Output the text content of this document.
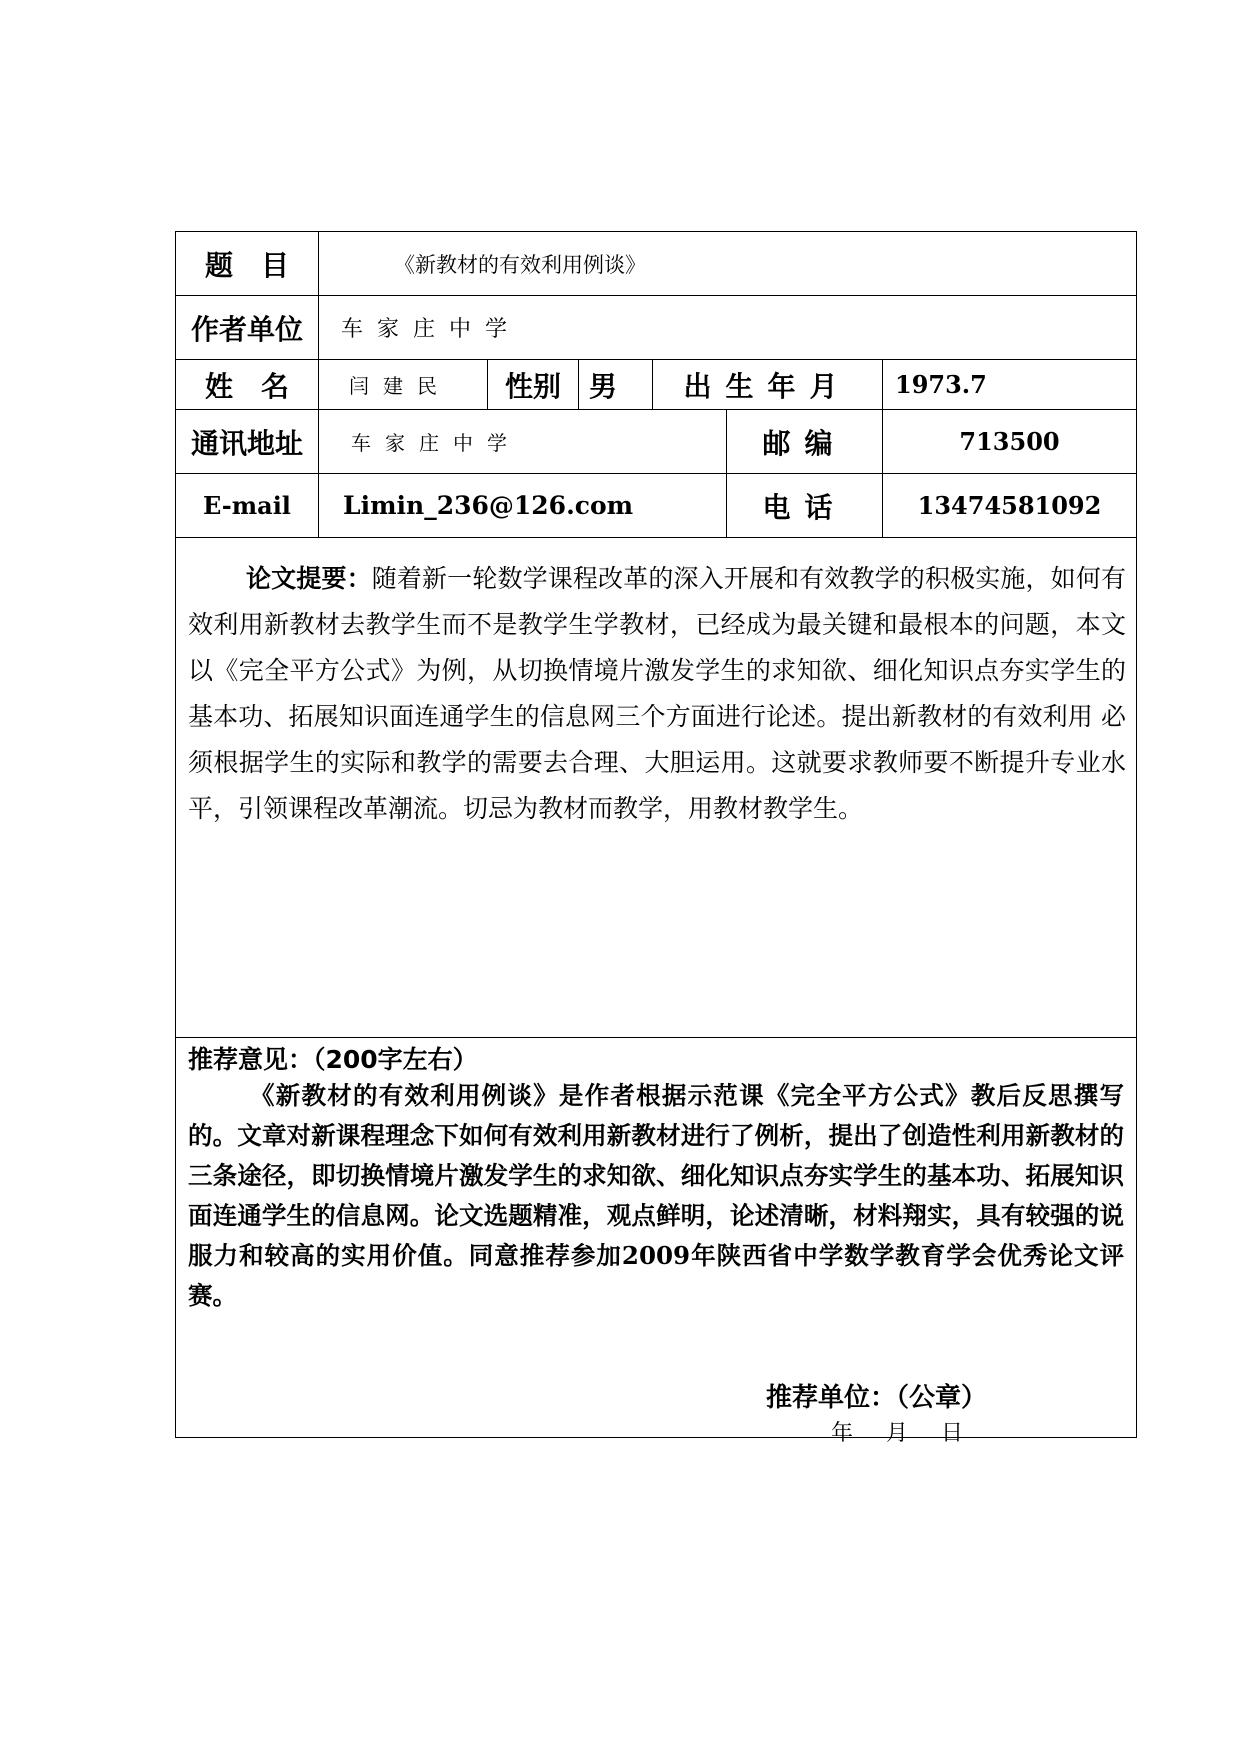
题　目	《新教材的有效利用例谈》
作者单位	车家庄中学
姓　名	闫建民	性别	男	出生年月	1973.7
通讯地址	车家庄中学	邮编	713500
E-mail	Limin_236@126.com	电话	13474581092
论文提要：随着新一轮数学课程改革的深入开展和有效教学的积极实施，如何有效利用新教材去教学生而不是教学生学教材，已经成为最关键和最根本的问题，本文以《完全平方公式》为例，从切换情境片激发学生的求知欲、细化知识点夯实学生的基本功、拓展知识面连通学生的信息网三个方面进行论述。提出新教材的有效利用 必须根据学生的实际和教学的需要去合理、大胆运用。这就要求教师要不断提升专业水平，引领课程改革潮流。切忌为教材而教学，用教材教学生。
推荐意见：（200字左右）
《新教材的有效利用例谈》是作者根据示范课《完全平方公式》教后反思撰写的。文章对新课程理念下如何有效利用新教材进行了例析，提出了创造性利用新教材的三条途径，即切换情境片激发学生的求知欲、细化知识点夯实学生的基本功、拓展知识面连通学生的信息网。论文选题精准，观点鲜明，论述清晰，材料翔实，具有较强的说服力和较高的实用价值。同意推荐参加2009年陕西省中学数学教育学会优秀论文评赛。
推荐单位：（公章）
年 月 日
